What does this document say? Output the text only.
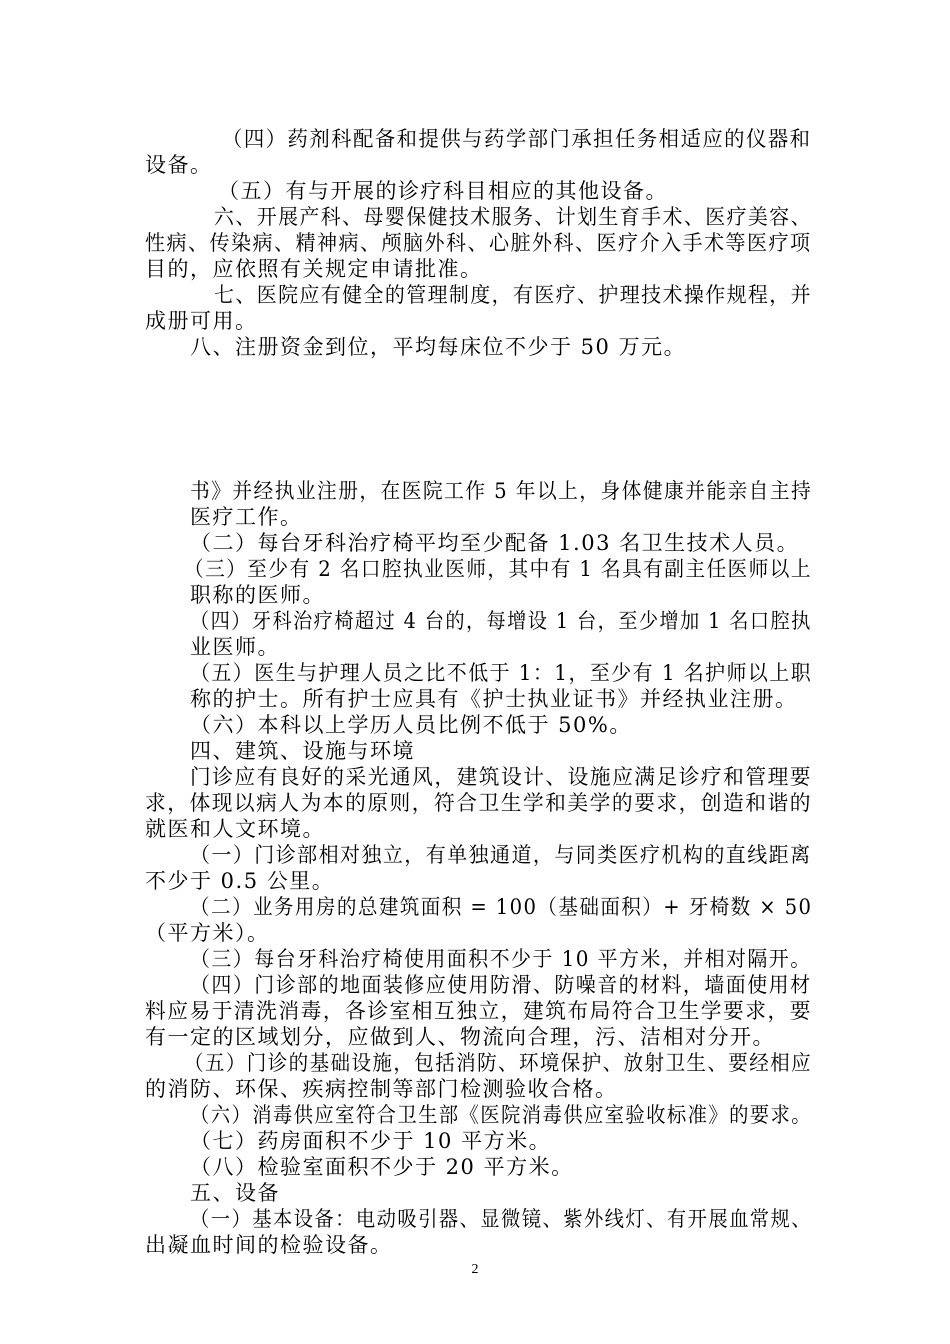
（四）药剂科配备和提供与药学部门承担任务相适应的仪器和
设备。
（五）有与开展的诊疗科目相应的其他设备。
六、开展产科、母婴保健技术服务、计划生育手术、医疗美容、
性病、传染病、精神病、颅脑外科、心脏外科、医疗介入手术等医疗项
目的，应依照有关规定申请批准。
七、医院应有健全的管理制度，有医疗、护理技术操作规程，并
成册可用。
八、注册资金到位，平均每床位不少于 50 万元。
书》并经执业注册，在医院工作 5 年以上，身体健康并能亲自主持
医疗工作。
（二）每台牙科治疗椅平均至少配备 1.03 名卫生技术人员。
（三）至少有 2 名口腔执业医师，其中有 1 名具有副主任医师以上
职称的医师。
（四）牙科治疗椅超过 4 台的，每增设 1 台，至少增加 1 名口腔执
业医师。
（五）医生与护理人员之比不低于 1：1，至少有 1 名护师以上职
称的护士。所有护士应具有《护士执业证书》并经执业注册。
（六）本科以上学历人员比例不低于 50%。
四、建筑、设施与环境
门诊应有良好的采光通风，建筑设计、设施应满足诊疗和管理要
求，体现以病人为本的原则，符合卫生学和美学的要求，创造和谐的
就医和人文环境。
（一）门诊部相对独立，有单独通道，与同类医疗机构的直线距离
不少于 0.5 公里。
（二）业务用房的总建筑面积 = 100（基础面积）+ 牙椅数 × 50
（平方米）。
（三）每台牙科治疗椅使用面积不少于 10 平方米，并相对隔开。
（四）门诊部的地面装修应使用防滑、防噪音的材料，墙面使用材
料应易于清洗消毒，各诊室相互独立，建筑布局符合卫生学要求，要
有一定的区域划分，应做到人、物流向合理，污、洁相对分开。
（五）门诊的基础设施，包括消防、环境保护、放射卫生、要经相应
的消防、环保、疾病控制等部门检测验收合格。
（六）消毒供应室符合卫生部《医院消毒供应室验收标准》的要求。
（七）药房面积不少于 10 平方米。
（八）检验室面积不少于 20 平方米。
五、设备
（一）基本设备：电动吸引器、显微镜、紫外线灯、有开展血常规、
出凝血时间的检验设备。
2
